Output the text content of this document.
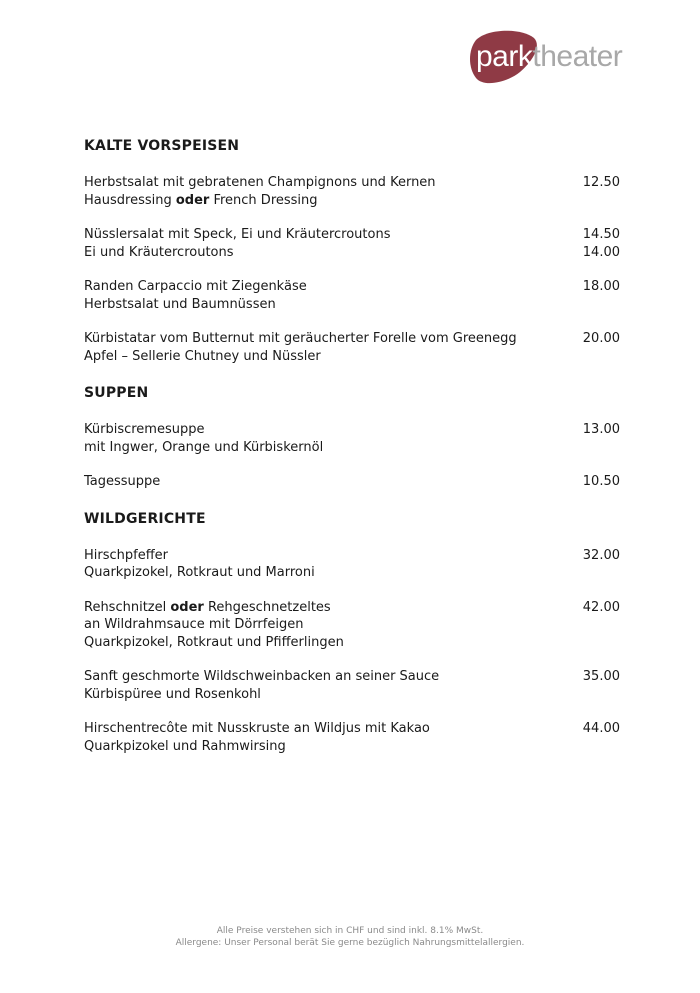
parktheater
KALTE VORSPEISEN
Herbstsalat mit gebratenen Champignons und Kernen
Hausdressing oder French Dressing
12.50
Nüsslersalat mit Speck, Ei und Kräutercroutons
Ei und Kräutercroutons
14.50
14.00
Randen Carpaccio mit Ziegenkäse
Herbstsalat und Baumnüssen
18.00
Kürbistatar vom Butternut mit geräucherter Forelle vom Greenegg
Apfel – Sellerie Chutney und Nüssler
20.00
SUPPEN
Kürbiscremesuppe
mit Ingwer, Orange und Kürbiskernöl
13.00
Tagessuppe	10.50
WILDGERICHTE
Hirschpfeffer
Quarkpizokel, Rotkraut und Marroni
32.00
Rehschnitzel oder Rehgeschnetzeltes
an Wildrahmsauce mit Dörrfeigen
Quarkpizokel, Rotkraut und Pfifferlingen
42.00
Sanft geschmorte Wildschweinbacken an seiner Sauce
Kürbispüree und Rosenkohl
35.00
Hirschentrecôte mit Nusskruste an Wildjus mit Kakao
Quarkpizokel und Rahmwirsing
44.00
Alle Preise verstehen sich in CHF und sind inkl. 8.1% MwSt.
Allergene: Unser Personal berät Sie gerne bezüglich Nahrungsmittelallergien.
